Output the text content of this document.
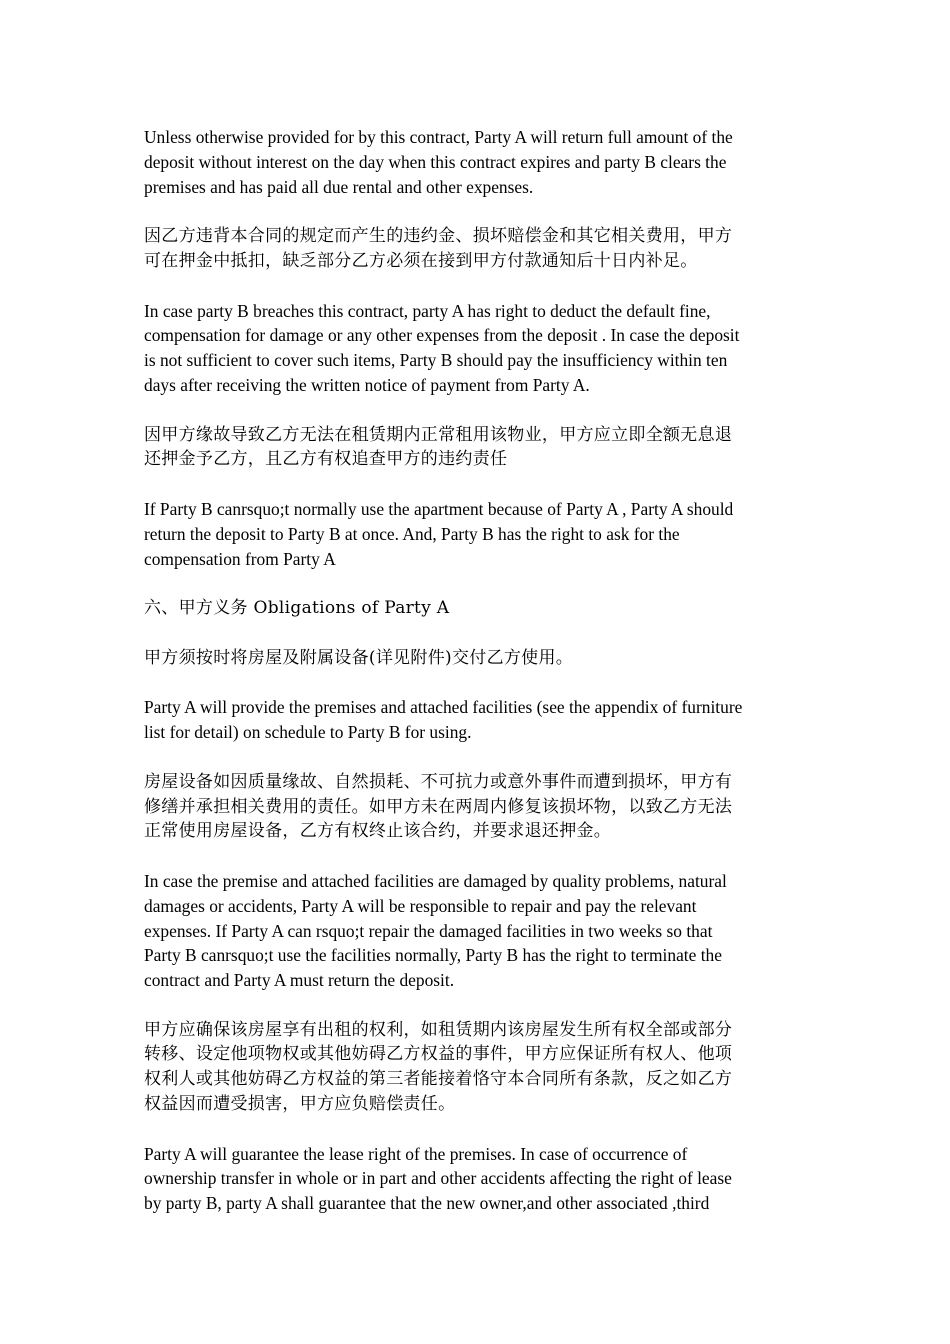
Unless otherwise provided for by this contract, Party A will return full amount of the
deposit without interest on the day when this contract expires and party B clears the
premises and has paid all due rental and other expenses.

因乙方违背本合同的规定而产生的违约金、损坏赔偿金和其它相关费用，甲方
可在押金中抵扣，缺乏部分乙方必须在接到甲方付款通知后十日内补足。

In case party B breaches this contract, party A has right to deduct the default fine,
compensation for damage or any other expenses from the deposit . In case the deposit
is not sufficient to cover such items, Party B should pay the insufficiency within ten
days after receiving the written notice of payment from Party A.

因甲方缘故导致乙方无法在租赁期内正常租用该物业，甲方应立即全额无息退
还押金予乙方，且乙方有权追查甲方的违约责任

If Party B canrsquo;t normally use the apartment because of Party A , Party A should
return the deposit to Party B at once. And, Party B has the right to ask for the
compensation from Party A

六、甲方义务 Obligations of Party A

甲方须按时将房屋及附属设备(详见附件)交付乙方使用。

Party A will provide the premises and attached facilities (see the appendix of furniture
list for detail) on schedule to Party B for using.

房屋设备如因质量缘故、自然损耗、不可抗力或意外事件而遭到损坏，甲方有
修缮并承担相关费用的责任。如甲方未在两周内修复该损坏物，以致乙方无法
正常使用房屋设备，乙方有权终止该合约，并要求退还押金。

In case the premise and attached facilities are damaged by quality problems, natural
damages or accidents, Party A will be responsible to repair and pay the relevant
expenses. If Party A can rsquo;t repair the damaged facilities in two weeks so that
Party B canrsquo;t use the facilities normally, Party B has the right to terminate the
contract and Party A must return the deposit.

甲方应确保该房屋享有出租的权利，如租赁期内该房屋发生所有权全部或部分
转移、设定他项物权或其他妨碍乙方权益的事件，甲方应保证所有权人、他项
权利人或其他妨碍乙方权益的第三者能接着恪守本合同所有条款，反之如乙方
权益因而遭受损害，甲方应负赔偿责任。

Party A will guarantee the lease right of the premises. In case of occurrence of
ownership transfer in whole or in part and other accidents affecting the right of lease
by party B, party A shall guarantee that the new owner,and other associated ,third
